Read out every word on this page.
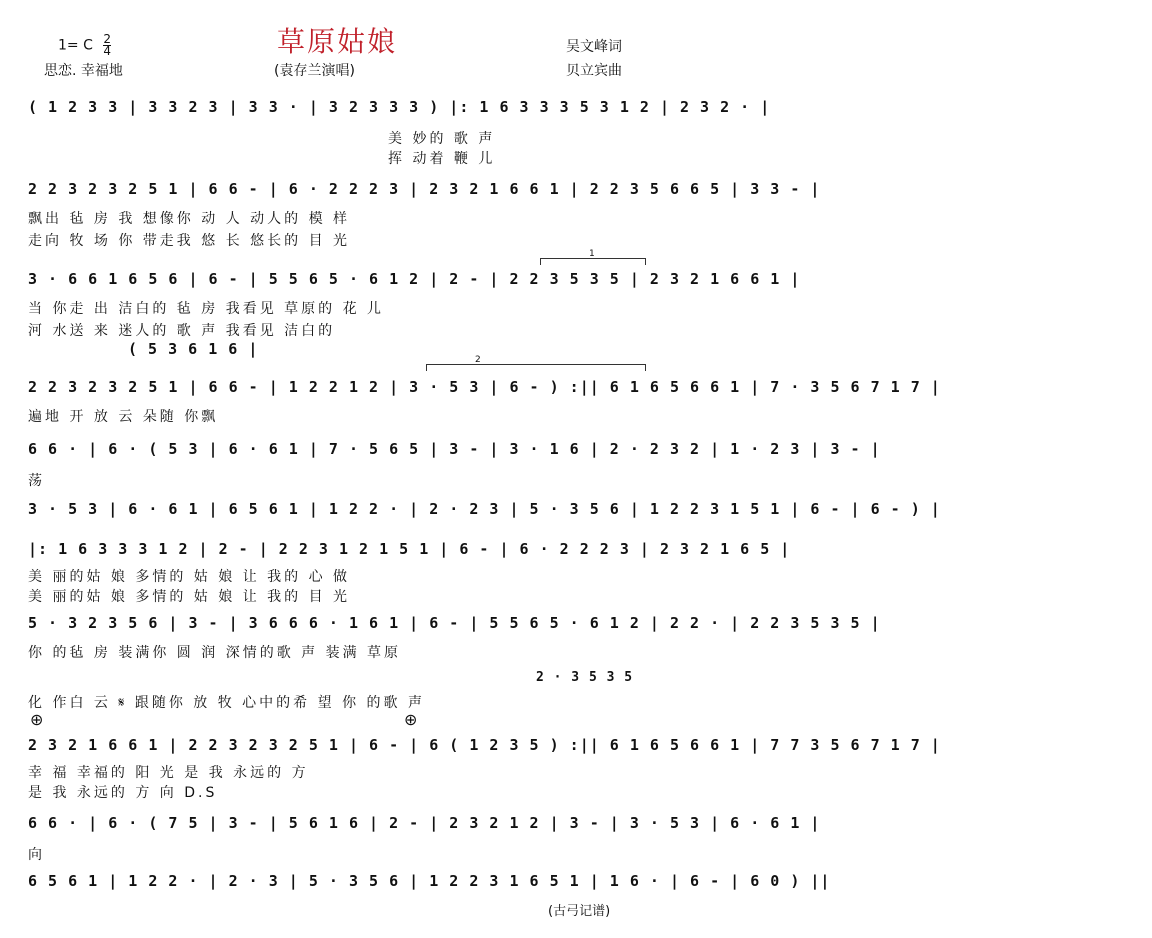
草原姑娘
1= C 2

4	吴文峰词
思恋. 幸福地	(袁存兰演唱)	贝立宾曲
( 1 2 3 3 | 3 3 2 3 | 3 3 · | 3 2 3 3 3 ) |: 1 6 3 3 3 5 3 1 2 | 2 3 2 · |
美 妙的 歌 声
挥 动着 鞭 儿
2 2 3 2 3 2 5 1 | 6 6 - | 6 · 2 2 2 3 | 2 3 2 1 6 6 1 | 2 2 3 5 6 6 5 | 3 3 - |
飘出 毡 房 我 想像你 动 人 动人的 模 样
走向 牧 场 你 带走我 悠 长 悠长的 目 光
1
3 · 6 6 1 6 5 6 | 6 - | 5 5 6 5 · 6 1 2 | 2 - | 2 2 3 5 3 5 | 2 3 2 1 6 6 1 |
当 你走 出 洁白的 毡 房 我看见 草原的 花 儿
河 水送 来 迷人的 歌 声 我看见 洁白的
( 5 3 6 1 6 |
2
2 2 3 2 3 2 5 1 | 6 6 - | 1 2 2 1 2 | 3 · 5 3 | 6 - ) :|| 6 1 6 5 6 6 1 | 7 · 3 5 6 7 1 7 |
遍地 开 放 云 朵随 你飘
6 6 · | 6 · ( 5 3 | 6 · 6 1 | 7 · 5 6 5 | 3 - | 3 · 1 6 | 2 · 2 3 2 | 1 · 2 3 | 3 - |
荡
3 · 5 3 | 6 · 6 1 | 6 5 6 1 | 1 2 2 · | 2 · 2 3 | 5 · 3 5 6 | 1 2 2 3 1 5 1 | 6 - | 6 - ) |
|: 1 6 3 3 3 1 2 | 2 - | 2 2 3 1 2 1 5 1 | 6 - | 6 · 2 2 2 3 | 2 3 2 1 6 5 |
美 丽的姑 娘 多情的 姑 娘 让 我的 心 做
美 丽的姑 娘 多情的 姑 娘 让 我的 目 光
5 · 3 2 3 5 6 | 3 - | 3 6 6 6 · 1 6 1 | 6 - | 5 5 6 5 · 6 1 2 | 2 2 · | 2 2 3 5 3 5 |
你 的毡 房 装满你 圆 润 深情的歌 声 装满 草原
2 · 3 5 3 5
化 作白 云 𝄋 跟随你 放 牧 心中的希 望 你 的歌 声
⊕	⊕
2 3 2 1 6 6 1 | 2 2 3 2 3 2 5 1 | 6 - | 6 ( 1 2 3 5 ) :|| 6 1 6 5 6 6 1 | 7 7 3 5 6 7 1 7 |
幸 福 幸福的 阳 光 是 我 永远的 方
是 我 永远的 方 向 D.S
6 6 · | 6 · ( 7 5 | 3 - | 5 6 1 6 | 2 - | 2 3 2 1 2 | 3 - | 3 · 5 3 | 6 · 6 1 |
向
6 5 6 1 | 1 2 2 · | 2 · 3 | 5 · 3 5 6 | 1 2 2 3 1 6 5 1 | 1 6 · | 6 - | 6 0 ) ||
(古弓记谱)
